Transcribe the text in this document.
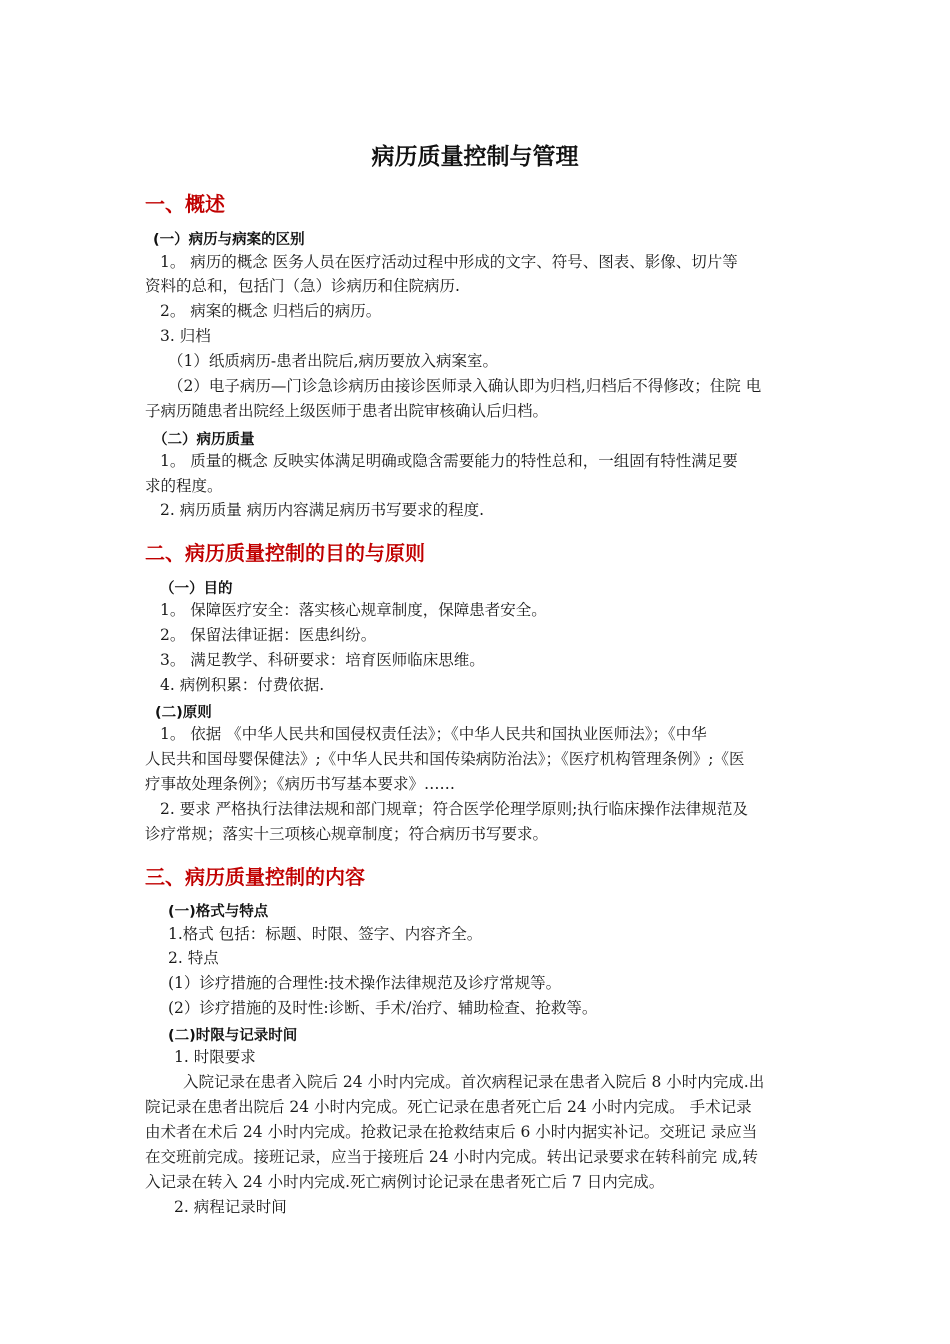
病历质量控制与管理
一、概述
(一）病历与病案的区别
1。 病历的概念 医务人员在医疗活动过程中形成的文字、符号、图表、影像、切片等
资料的总和，包括门（急）诊病历和住院病历.
2。 病案的概念 归档后的病历。
3. 归档
（1）纸质病历-患者出院后,病历要放入病案室。
（2）电子病历—门诊急诊病历由接诊医师录入确认即为归档,归档后不得修改；住院 电
子病历随患者出院经上级医师于患者出院审核确认后归档。
（二）病历质量
1。 质量的概念 反映实体满足明确或隐含需要能力的特性总和，一组固有特性满足要
求的程度。
2. 病历质量 病历内容满足病历书写要求的程度.
二、病历质量控制的目的与原则
（一）目的
1。 保障医疗安全：落实核心规章制度，保障患者安全。
2。 保留法律证据：医患纠纷。
3。 满足教学、科研要求：培育医师临床思维。
4. 病例积累：付费依据.
(二)原则
1。 依据 《中华人民共和国侵权责任法》；《中华人民共和国执业医师法》；《中华
人民共和国母婴保健法》;《中华人民共和国传染病防治法》；《医疗机构管理条例》;《医
疗事故处理条例》；《病历书写基本要求》……
2. 要求 严格执行法律法规和部门规章；符合医学伦理学原则;执行临床操作法律规范及
诊疗常规；落实十三项核心规章制度；符合病历书写要求。
三、病历质量控制的内容
(一)格式与特点
1.格式 包括：标题、时限、签字、内容齐全。
2. 特点
(1）诊疗措施的合理性:技术操作法律规范及诊疗常规等。
(2）诊疗措施的及时性:诊断、手术/治疗、辅助检查、抢救等。
(二)时限与记录时间
1. 时限要求
入院记录在患者入院后 24 小时内完成。首次病程记录在患者入院后 8 小时内完成.出
院记录在患者出院后 24 小时内完成。死亡记录在患者死亡后 24 小时内完成。 手术记录
由术者在术后 24 小时内完成。抢救记录在抢救结束后 6 小时内据实补记。交班记 录应当
在交班前完成。接班记录，应当于接班后 24 小时内完成。转出记录要求在转科前完 成,转
入记录在转入 24 小时内完成.死亡病例讨论记录在患者死亡后 7 日内完成。
2. 病程记录时间
